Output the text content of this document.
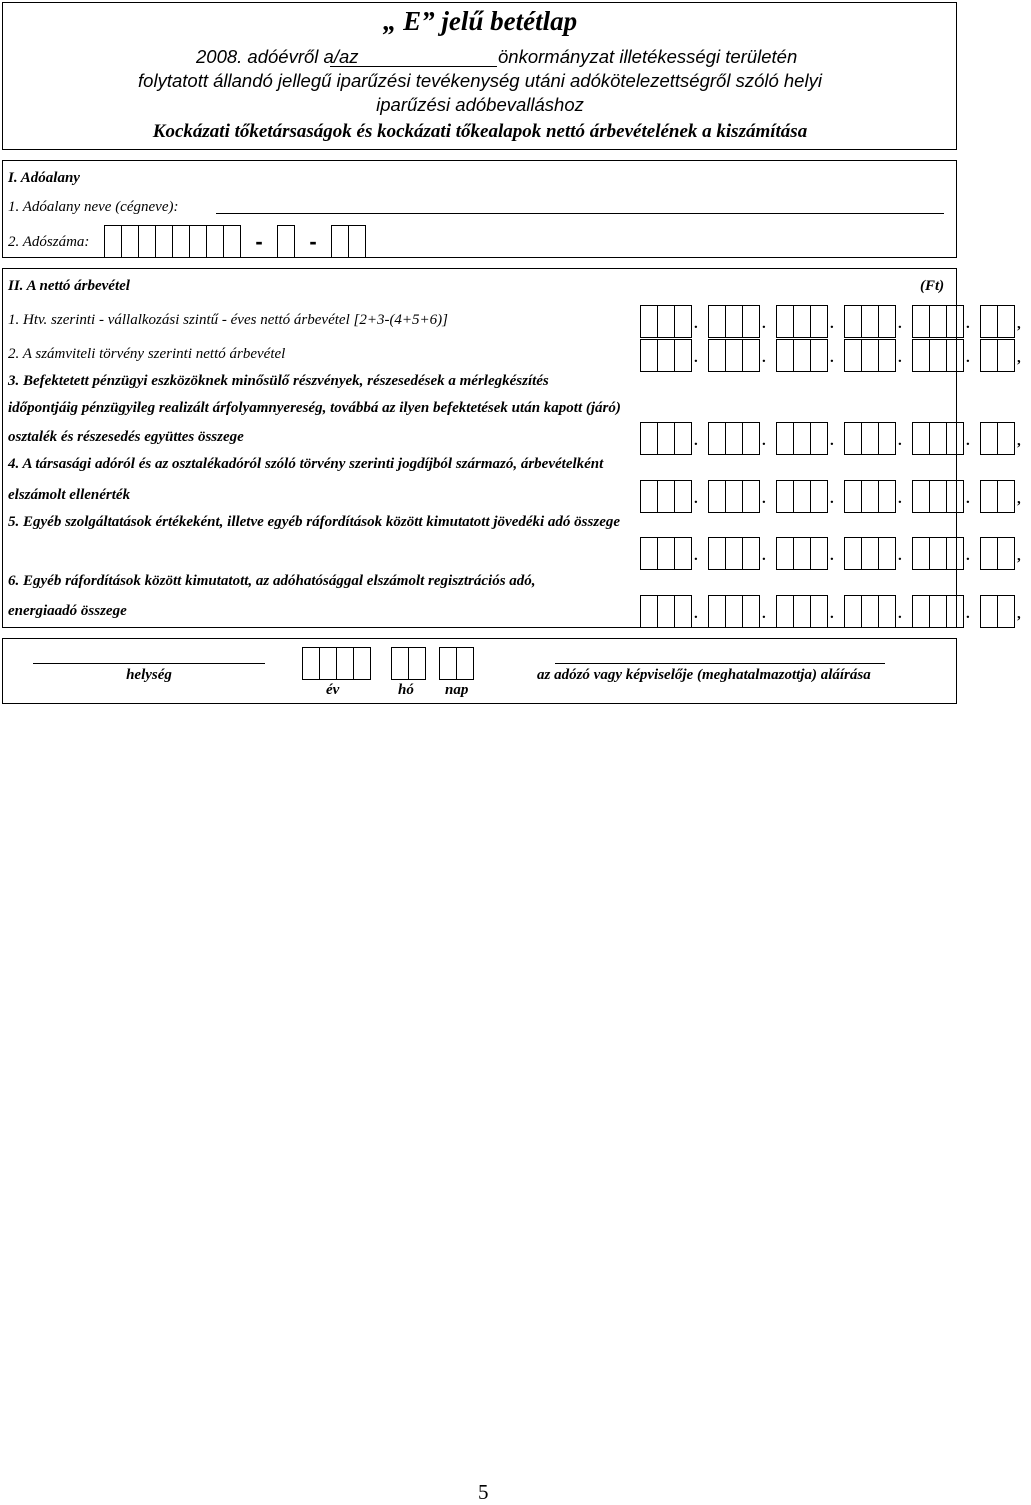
„ E” jelű betétlap
2008. adóévről a/az	önkormányzat illetékességi területén
folytatott állandó jellegű iparűzési tevékenység utáni adókötelezettségről szóló helyi
iparűzési adóbevalláshoz
Kockázati tőketársaságok és kockázati tőkealapok nettó árbevételének a kiszámítása
I. Adóalany
1. Adóalany neve (cégneve):
2. Adószáma:	-	-
II. A nettó árbevétel	(Ft)
1. Htv. szerinti - vállalkozási szintű - éves nettó árbevétel [2+3-(4+5+6)]	.	.	.	.	.	,
2. A számviteli törvény szerinti nettó árbevétel	.	.	.	.	.	,
3. Befektetett pénzügyi eszközöknek minősülő részvények, részesedések a mérlegkészítés
időpontjáig pénzügyileg realizált árfolyamnyereség, továbbá az ilyen befektetések után kapott (járó)
osztalék és részesedés együttes összege	.	.	.	.	.	,
4. A társasági adóról és az osztalékadóról szóló törvény szerinti jogdíjból származó, árbevételként
elszámolt ellenérték	.	.	.	.	.	,
5. Egyéb szolgáltatások értékeként, illetve egyéb ráfordítások között kimutatott jövedéki adó összege
.	.	.	.	.	,
6. Egyéb ráfordítások között kimutatott, az adóhatósággal elszámolt regisztrációs adó,
energiaadó összege	.	.	.	.	.	,
helység
év	hó nap
az adózó vagy képviselője (meghatalmazottja) aláírása
5
